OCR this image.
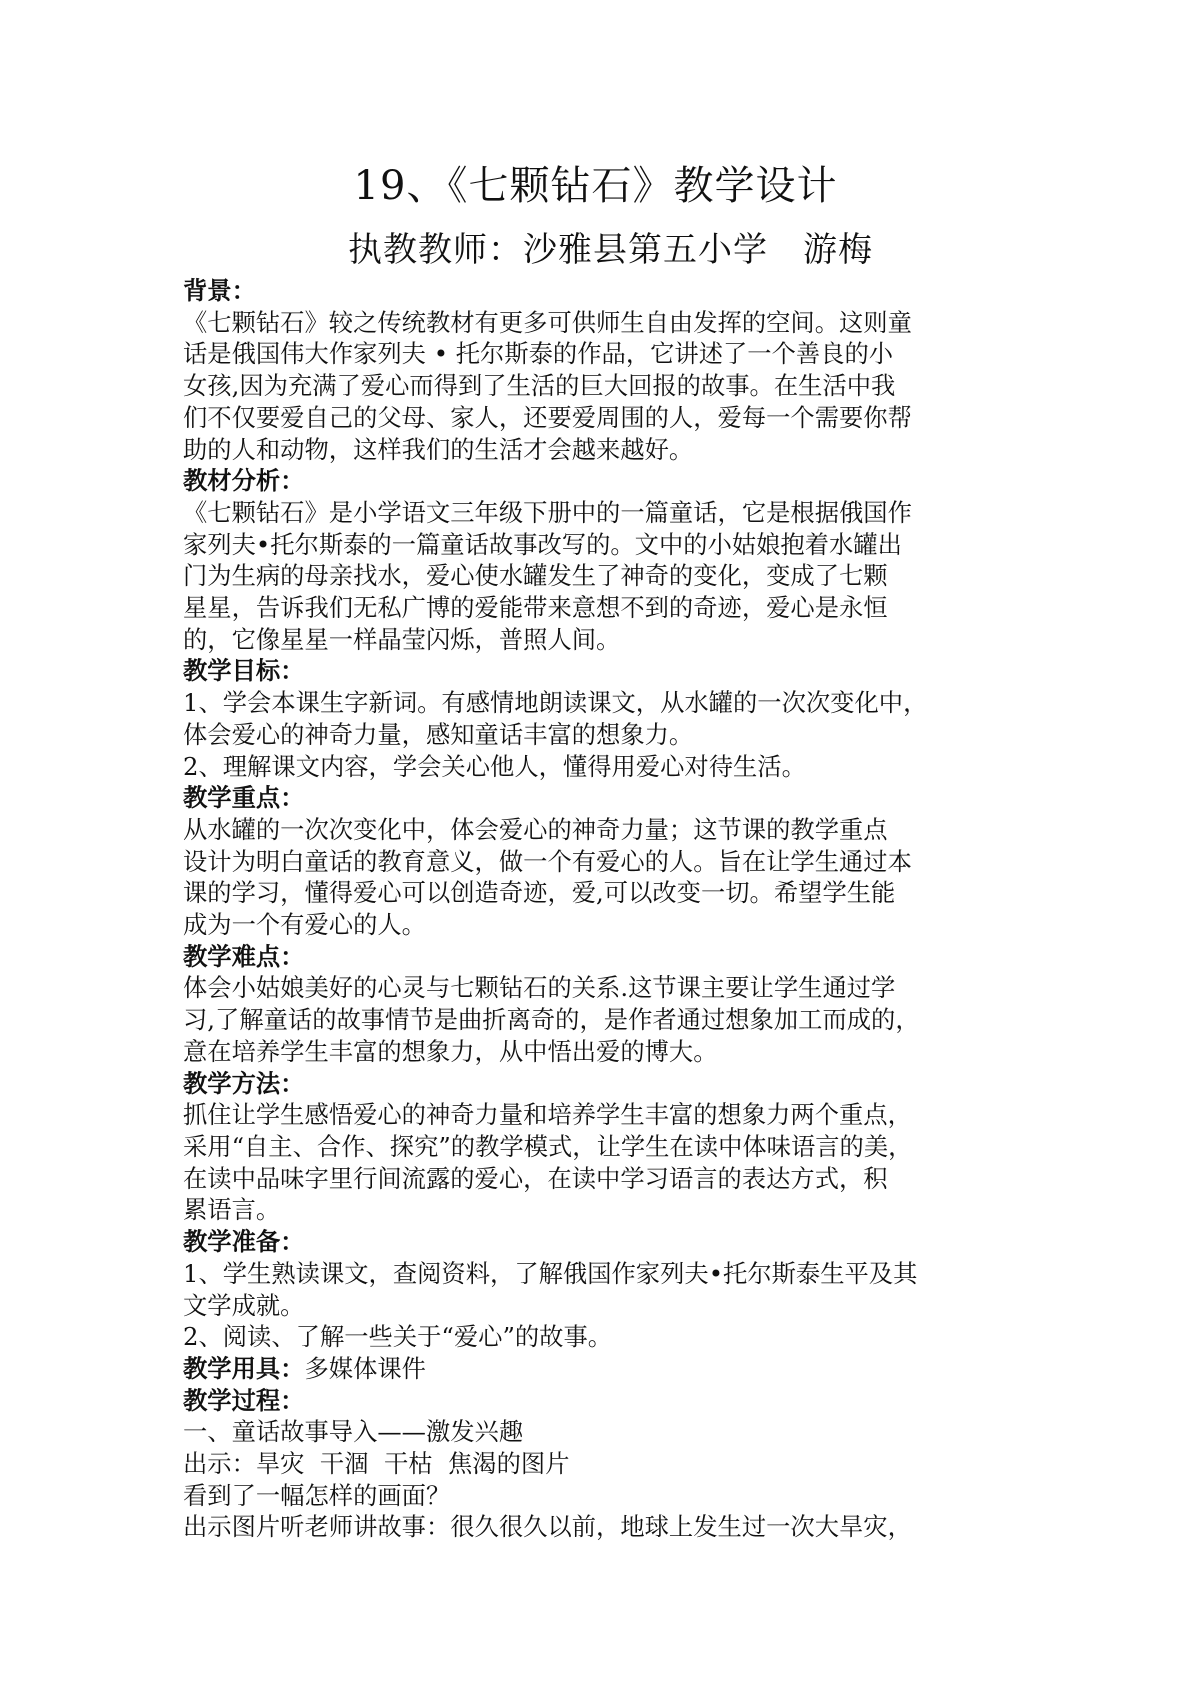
19、《七颗钻石》教学设计
执教教师：沙雅县第五小学　游梅

背景：

《七颗钻石》较之传统教材有更多可供师生自由发挥的空间。这则童

话是俄国伟大作家列夫 • 托尔斯泰的作品，它讲述了一个善良的小

女孩,因为充满了爱心而得到了生活的巨大回报的故事。在生活中我

们不仅要爱自己的父母、家人，还要爱周围的人，爱每一个需要你帮

助的人和动物，这样我们的生活才会越来越好。

教材分析：

《七颗钻石》是小学语文三年级下册中的一篇童话，它是根据俄国作

家列夫•托尔斯泰的一篇童话故事改写的。文中的小姑娘抱着水罐出

门为生病的母亲找水，爱心使水罐发生了神奇的变化，变成了七颗

星星，告诉我们无私广博的爱能带来意想不到的奇迹，爱心是永恒

的，它像星星一样晶莹闪烁，普照人间。

教学目标：

1、学会本课生字新词。有感情地朗读课文，从水罐的一次次变化中，

体会爱心的神奇力量，感知童话丰富的想象力。

2、理解课文内容，学会关心他人，懂得用爱心对待生活。

教学重点：

从水罐的一次次变化中，体会爱心的神奇力量；这节课的教学重点

设计为明白童话的教育意义，做一个有爱心的人。旨在让学生通过本

课的学习，懂得爱心可以创造奇迹，爱,可以改变一切。希望学生能

成为一个有爱心的人。

教学难点：

体会小姑娘美好的心灵与七颗钻石的关系.这节课主要让学生通过学

习,了解童话的故事情节是曲折离奇的，是作者通过想象加工而成的，

意在培养学生丰富的想象力，从中悟出爱的博大。

教学方法：

抓住让学生感悟爱心的神奇力量和培养学生丰富的想象力两个重点，

采用“自主、合作、探究”的教学模式，让学生在读中体味语言的美，

在读中品味字里行间流露的爱心，在读中学习语言的表达方式，积

累语言。

教学准备：

1、学生熟读课文，查阅资料，了解俄国作家列夫•托尔斯泰生平及其

文学成就。

2、阅读、了解一些关于“爱心”的故事。

教学用具：多媒体课件

教学过程：

一、童话故事导入——激发兴趣

出示：旱灾  干涸  干枯  焦渴的图片

看到了一幅怎样的画面？

出示图片听老师讲故事：很久很久以前，地球上发生过一次大旱灾，
